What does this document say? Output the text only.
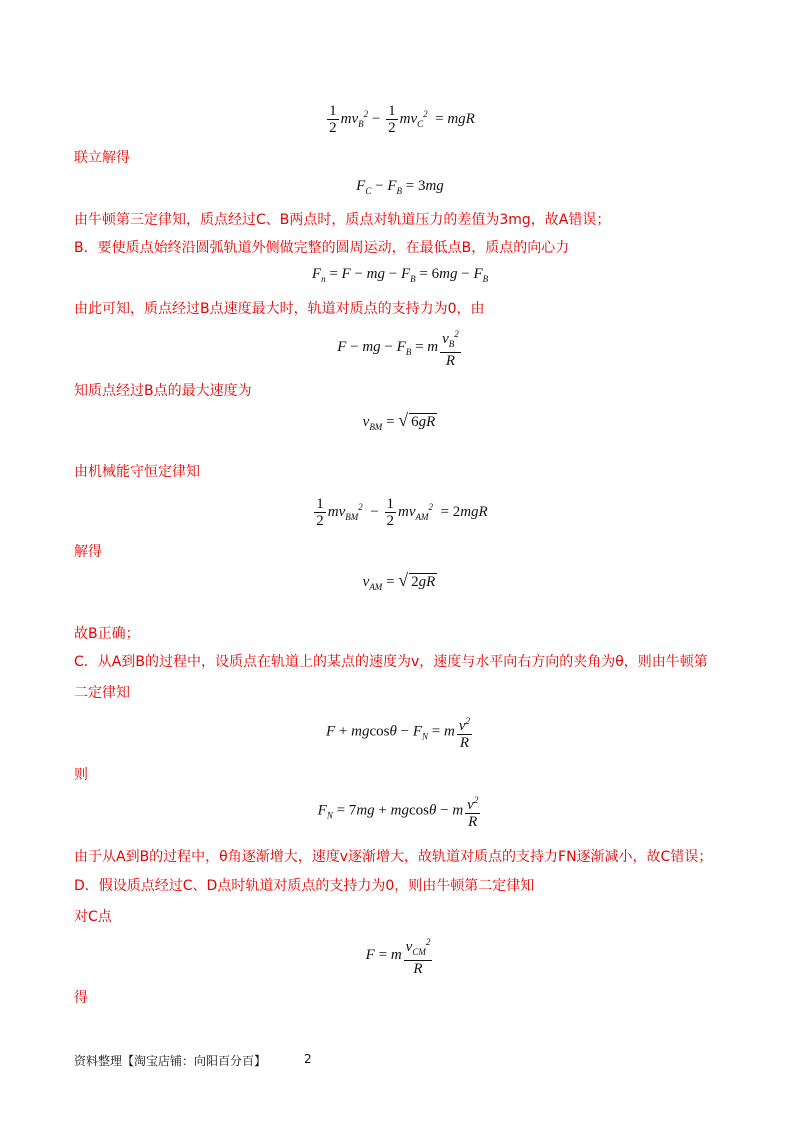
$\frac{1}{2} mv_B^2 - \frac{1}{2} mv_C^2$ = mgR
联立解得
$F_C - F_B = 3mg$
由牛顿第三定律知，质点经过C、B两点时，质点对轨道压力的差值为3mg，故A错误；
B．要使质点始终沿圆弧轨道外侧做完整的圆周运动，在最低点B，质点的向心力
$F_n = F$ − mg − $F_B = 6mg - F_B$
由此可知，质点经过B点速度最大时，轨道对质点的支持力为0，由
F − mg − $F_B = m \frac{v_B^2}{R}$
知质点经过B点的最大速度为
$v_{BM}$ = √ 6gR
由机械能守恒定律知
$\frac{1}{2} mv_{BM}^2 - \frac{1}{2} mv_{AM}^2 = 2mgR$
解得
$v_{AM}$ = √ 2gR
故B正确；
C．从A到B的过程中，设质点在轨道上的某点的速度为v，速度与水平向右方向的夹角为θ，则由牛顿第
二定律知
$F + mgcos\theta - F_N = m \frac{v^2}{R}$
则
$F_N = 7mg + mgcos\theta - m \frac{v^2}{R}$
由于从A到B的过程中，θ角逐渐增大，速度v逐渐增大，故轨道对质点的支持力FN逐渐减小，故C错误；
D．假设质点经过C、D点时轨道对质点的支持力为0，则由牛顿第二定律知
对C点
F = m $\frac{v_{CM}^2}{R}$
得
资料整理【淘宝店铺：向阳百分百】	2
